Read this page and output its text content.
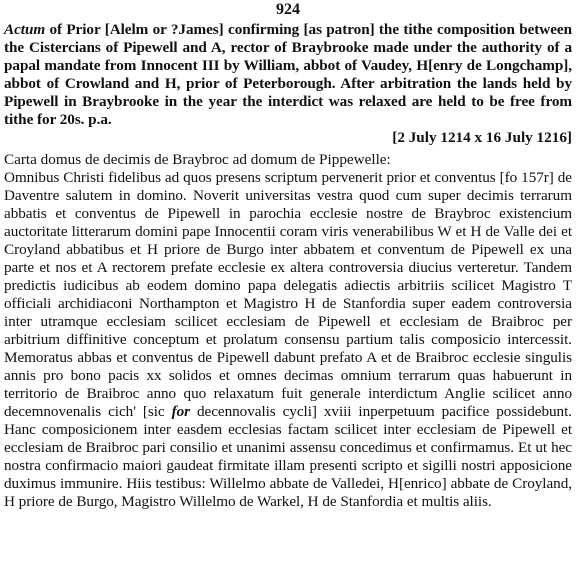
924

Actum of Prior [Alelm or ?James] confirming [as patron] the tithe composition between the Cistercians of Pipewell and A, rector of Braybrooke made under the authority of a papal mandate from Innocent III by William, abbot of Vaudey, H[enry de Longchamp], abbot of Crowland and H, prior of Peterborough. After arbitration the lands held by Pipewell in Braybrooke in the year the interdict was relaxed are held to be free from tithe for 20s. p.a.

[2 July 1214 x 16 July 1216]

Carta domus de decimis de Braybroc ad domum de Pippewelle:

Omnibus Christi fidelibus ad quos presens scriptum pervenerit prior et conventus [fo 157r] de Daventre salutem in domino. Noverit universitas vestra quod cum super decimis terrarum abbatis et conventus de Pipewell in parochia ecclesie nostre de Braybroc existencium auctoritate litterarum domini pape Innocentii coram viris venerabilibus W et H de Valle dei et Croyland abbatibus et H priore de Burgo inter abbatem et conventum de Pipewell ex una parte et nos et A rectorem prefate ecclesie ex altera controversia diucius verteretur. Tandem predictis iudicibus ab eodem domino papa delegatis adiectis arbitriis scilicet Magistro T officiali archidiaconi Northampton et Magistro H de Stanfordia super eadem controversia inter utramque ecclesiam scilicet ecclesiam de Pipewell et ecclesiam de Braibroc per arbitrium diffinitive conceptum et prolatum consensu partium talis composicio intercessit. Memoratus abbas et conventus de Pipewell dabunt prefato A et de Braibroc ecclesie singulis annis pro bono pacis xx solidos et omnes decimas omnium terrarum quas habuerunt in territorio de Braibroc anno quo relaxatum fuit generale interdictum Anglie scilicet anno decemnovenalis cich' [sic for decennovalis cycli] xviii inperpetuum pacifice possidebunt. Hanc composicionem inter easdem ecclesias factam scilicet inter ecclesiam de Pipewell et ecclesiam de Braibroc pari consilio et unanimi assensu concedimus et confirmamus. Et ut hec nostra confirmacio maiori gaudeat firmitate illam presenti scripto et sigilli nostri apposicione duximus immunire. Hiis testibus: Willelmo abbate de Valledei, H[enrico] abbate de Croyland, H priore de Burgo, Magistro Willelmo de Warkel, H de Stanfordia et multis aliis.
